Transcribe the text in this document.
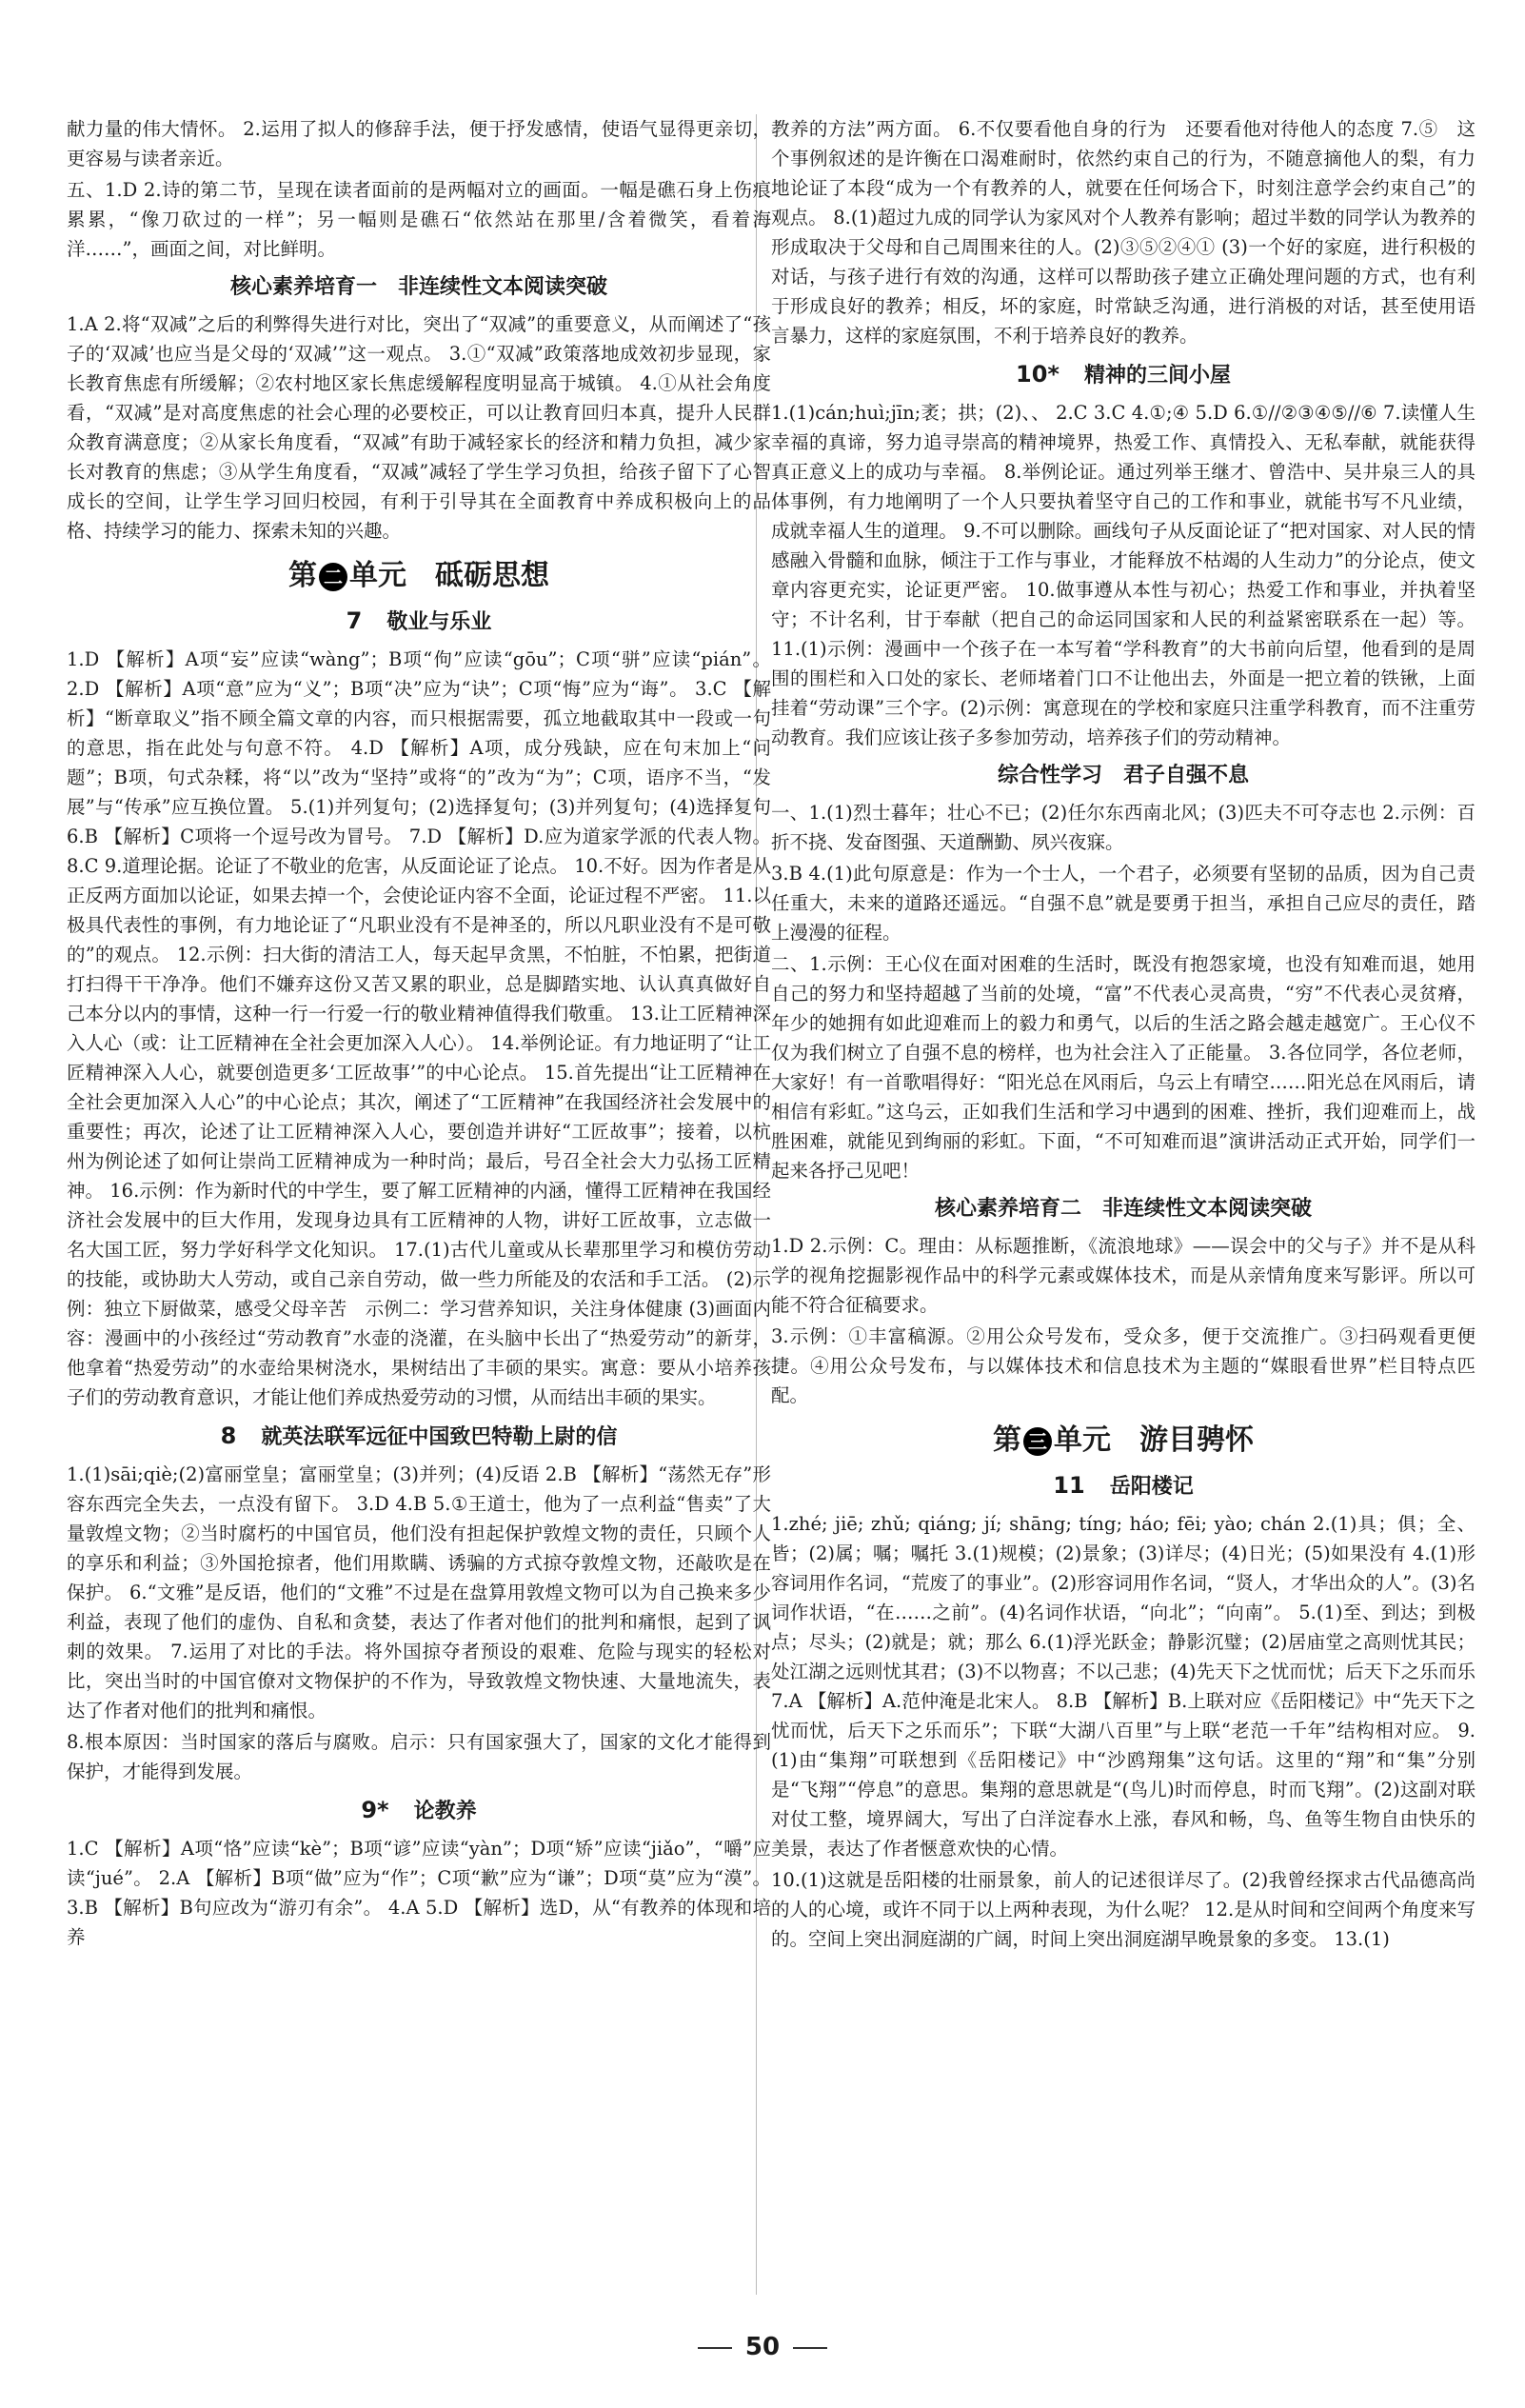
献力量的伟大情怀。 2.运用了拟人的修辞手法，便于抒发感情，使语气显得更亲切，更容易与读者亲近。

五、1.D 2.诗的第二节，呈现在读者面前的是两幅对立的画面。一幅是礁石身上伤痕累累，“像刀砍过的一样”；另一幅则是礁石“依然站在那里/含着微笑，看着海洋……”，画面之间，对比鲜明。

核心素养培育一　非连续性文本阅读突破

1.A 2.将“双减”之后的利弊得失进行对比，突出了“双减”的重要意义，从而阐述了“孩子的‘双减’也应当是父母的‘双减’”这一观点。 3.①“双减”政策落地成效初步显现，家长教育焦虑有所缓解；②农村地区家长焦虑缓解程度明显高于城镇。 4.①从社会角度看，“双减”是对高度焦虑的社会心理的必要校正，可以让教育回归本真，提升人民群众教育满意度；②从家长角度看，“双减”有助于减轻家长的经济和精力负担，减少家长对教育的焦虑；③从学生角度看，“双减”减轻了学生学习负担，给孩子留下了心智成长的空间，让学生学习回归校园，有利于引导其在全面教育中养成积极向上的品格、持续学习的能力、探索未知的兴趣。

第 二 单元 砥砺思想
7 敬业与乐业

1.D 【解析】A项“妄”应读“wàng”；B项“佝”应读“gōu”；C项“骈”应读“pián”。 2.D 【解析】A项“意”应为“义”；B项“决”应为“诀”；C项“悔”应为“诲”。 3.C 【解析】“断章取义”指不顾全篇文章的内容，而只根据需要，孤立地截取其中一段或一句的意思，指在此处与句意不符。 4.D 【解析】A项，成分残缺，应在句末加上“问题”；B项，句式杂糅，将“以”改为“坚持”或将“的”改为“为”；C项，语序不当，“发展”与“传承”应互换位置。 5.(1)并列复句；(2)选择复句；(3)并列复句；(4)选择复句 6.B 【解析】C项将一个逗号改为冒号。 7.D 【解析】D.应为道家学派的代表人物。 8.C 9.道理论据。论证了不敬业的危害，从反面论证了论点。 10.不好。因为作者是从正反两方面加以论证，如果去掉一个，会使论证内容不全面，论证过程不严密。 11.以极具代表性的事例，有力地论证了“凡职业没有不是神圣的，所以凡职业没有不是可敬的”的观点。 12.示例：扫大街的清洁工人，每天起早贪黑，不怕脏，不怕累，把街道打扫得干干净净。他们不嫌弃这份又苦又累的职业，总是脚踏实地、认认真真做好自己本分以内的事情，这种一行一行爱一行的敬业精神值得我们敬重。 13.让工匠精神深入人心（或：让工匠精神在全社会更加深入人心）。 14.举例论证。有力地证明了“让工匠精神深入人心，就要创造更多‘工匠故事’”的中心论点。 15.首先提出“让工匠精神在全社会更加深入人心”的中心论点；其次，阐述了“工匠精神”在我国经济社会发展中的重要性；再次，论述了让工匠精神深入人心，要创造并讲好“工匠故事”；接着，以杭州为例论述了如何让崇尚工匠精神成为一种时尚；最后，号召全社会大力弘扬工匠精神。 16.示例：作为新时代的中学生，要了解工匠精神的内涵，懂得工匠精神在我国经济社会发展中的巨大作用，发现身边具有工匠精神的人物，讲好工匠故事，立志做一名大国工匠，努力学好科学文化知识。 17.(1)古代儿童或从长辈那里学习和模仿劳动的技能，或协助大人劳动，或自己亲自劳动，做一些力所能及的农活和手工活。 (2)示例：独立下厨做菜，感受父母辛苦　示例二：学习营养知识，关注身体健康 (3)画面内容：漫画中的小孩经过“劳动教育”水壶的浇灌，在头脑中长出了“热爱劳动”的新芽，他拿着“热爱劳动”的水壶给果树浇水，果树结出了丰硕的果实。寓意：要从小培养孩子们的劳动教育意识，才能让他们养成热爱劳动的习惯，从而结出丰硕的果实。

8 就英法联军远征中国致巴特勒上尉的信

1.(1)sāi;qiè;(2)富丽堂皇；富丽堂皇；(3)并列；(4)反语 2.B 【解析】“荡然无存”形容东西完全失去，一点没有留下。 3.D 4.B 5.①王道士，他为了一点利益“售卖”了大量敦煌文物；②当时腐朽的中国官员，他们没有担起保护敦煌文物的责任，只顾个人的享乐和利益；③外国抢掠者，他们用欺瞒、诱骗的方式掠夺敦煌文物，还敲吹是在保护。 6.“文雅”是反语，他们的“文雅”不过是在盘算用敦煌文物可以为自己换来多少利益，表现了他们的虚伪、自私和贪婪，表达了作者对他们的批判和痛恨，起到了讽刺的效果。 7.运用了对比的手法。将外国掠夺者预设的艰难、危险与现实的轻松对比，突出当时的中国官僚对文物保护的不作为，导致敦煌文物快速、大量地流失，表达了作者对他们的批判和痛恨。

8.根本原因：当时国家的落后与腐败。启示：只有国家强大了，国家的文化才能得到保护，才能得到发展。

9* 论教养

1.C 【解析】A项“恪”应读“kè”；B项“谚”应读“yàn”；D项“矫”应读“jiǎo”，“嚼”应读“jué”。 2.A 【解析】B项“做”应为“作”；C项“歉”应为“谦”；D项“莫”应为“漠”。 3.B 【解析】B句应改为“游刃有余”。 4.A 5.D 【解析】选D，从“有教养的体现和培养

教养的方法”两方面。 6.不仅要看他自身的行为　还要看他对待他人的态度 7.⑤　这个事例叙述的是许衡在口渴难耐时，依然约束自己的行为，不随意摘他人的梨，有力地论证了本段“成为一个有教养的人，就要在任何场合下，时刻注意学会约束自己”的观点。 8.(1)超过九成的同学认为家风对个人教养有影响；超过半数的同学认为教养的形成取决于父母和自己周围来往的人。(2)③⑤②④① (3)一个好的家庭，进行积极的对话，与孩子进行有效的沟通，这样可以帮助孩子建立正确处理问题的方式，也有利于形成良好的教养；相反，坏的家庭，时常缺乏沟通，进行消极的对话，甚至使用语言暴力，这样的家庭氛围，不利于培养良好的教养。

10* 精神的三间小屋

1.(1)cán;huì;jīn;袤；拱；(2)、、 2.C 3.C 4.①;④ 5.D 6.①//②③④⑤//⑥ 7.读懂人生幸福的真谛，努力追寻崇高的精神境界，热爱工作、真情投入、无私奉献，就能获得真正意义上的成功与幸福。 8.举例论证。通过列举王继才、曾浩中、吴井泉三人的具体事例，有力地阐明了一个人只要执着坚守自己的工作和事业，就能书写不凡业绩，成就幸福人生的道理。 9.不可以删除。画线句子从反面论证了“把对国家、对人民的情感融入骨髓和血脉，倾注于工作与事业，才能释放不枯竭的人生动力”的分论点，使文章内容更充实，论证更严密。 10.做事遵从本性与初心；热爱工作和事业，并执着坚守；不计名利，甘于奉献（把自己的命运同国家和人民的利益紧密联系在一起）等。 11.(1)示例：漫画中一个孩子在一本写着“学科教育”的大书前向后望，他看到的是周围的围栏和入口处的家长、老师堵着门口不让他出去，外面是一把立着的铁锹，上面挂着“劳动课”三个字。(2)示例：寓意现在的学校和家庭只注重学科教育，而不注重劳动教育。我们应该让孩子多参加劳动，培养孩子们的劳动精神。

综合性学习　君子自强不息

一、1.(1)烈士暮年；壮心不已；(2)任尔东西南北风；(3)匹夫不可夺志也 2.示例：百折不挠、发奋图强、天道酬勤、夙兴夜寐。

3.B 4.(1)此句原意是：作为一个士人，一个君子，必须要有坚韧的品质，因为自己责任重大，未来的道路还遥远。“自强不息”就是要勇于担当，承担自己应尽的责任，踏上漫漫的征程。

二、1.示例：王心仪在面对困难的生活时，既没有抱怨家境，也没有知难而退，她用自己的努力和坚持超越了当前的处境，“富”不代表心灵高贵，“穷”不代表心灵贫瘠，年少的她拥有如此迎难而上的毅力和勇气，以后的生活之路会越走越宽广。王心仪不仅为我们树立了自强不息的榜样，也为社会注入了正能量。 3.各位同学，各位老师，大家好！有一首歌唱得好：“阳光总在风雨后，乌云上有晴空……阳光总在风雨后，请相信有彩虹。”这乌云，正如我们生活和学习中遇到的困难、挫折，我们迎难而上，战胜困难，就能见到绚丽的彩虹。下面，“不可知难而退”演讲活动正式开始，同学们一起来各抒己见吧！

核心素养培育二　非连续性文本阅读突破

1.D 2.示例：C。理由：从标题推断，《流浪地球》——误会中的父与子》并不是从科学的视角挖掘影视作品中的科学元素或媒体技术，而是从亲情角度来写影评。所以可能不符合征稿要求。

3.示例：①丰富稿源。②用公众号发布，受众多，便于交流推广。③扫码观看更便捷。④用公众号发布，与以媒体技术和信息技术为主题的“媒眼看世界”栏目特点匹配。

第 三 单元 游目骋怀
11 岳阳楼记

1.zhé; jiē; zhǔ; qiáng; jí; shāng; tíng; háo; fēi; yào; chán 2.(1)具；俱；全、皆；(2)属；嘱；嘱托 3.(1)规模；(2)景象；(3)详尽；(4)日光；(5)如果没有 4.(1)形容词用作名词，“荒废了的事业”。(2)形容词用作名词，“贤人，才华出众的人”。(3)名词作状语，“在……之前”。(4)名词作状语，“向北”；“向南”。 5.(1)至、到达；到极点；尽头；(2)就是；就；那么 6.(1)浮光跃金；静影沉璧；(2)居庙堂之高则忧其民；处江湖之远则忧其君；(3)不以物喜；不以己悲；(4)先天下之忧而忧；后天下之乐而乐 7.A 【解析】A.范仲淹是北宋人。 8.B 【解析】B.上联对应《岳阳楼记》中“先天下之忧而忧，后天下之乐而乐”；下联“大湖八百里”与上联“老范一千年”结构相对应。 9.(1)由“集翔”可联想到《岳阳楼记》中“沙鸥翔集”这句话。这里的“翔”和“集”分别是“飞翔”“停息”的意思。集翔的意思就是“(鸟儿)时而停息，时而飞翔”。(2)这副对联对仗工整，境界阔大，写出了白洋淀春水上涨，春风和畅，鸟、鱼等生物自由快乐的美景，表达了作者愜意欢快的心情。

10.(1)这就是岳阳楼的壮丽景象，前人的记述很详尽了。(2)我曾经探求古代品德高尚的人的心境，或许不同于以上两种表现，为什么呢？ 12.是从时间和空间两个角度来写的。空间上突出洞庭湖的广阔，时间上突出洞庭湖早晚景象的多变。 13.(1)

50
